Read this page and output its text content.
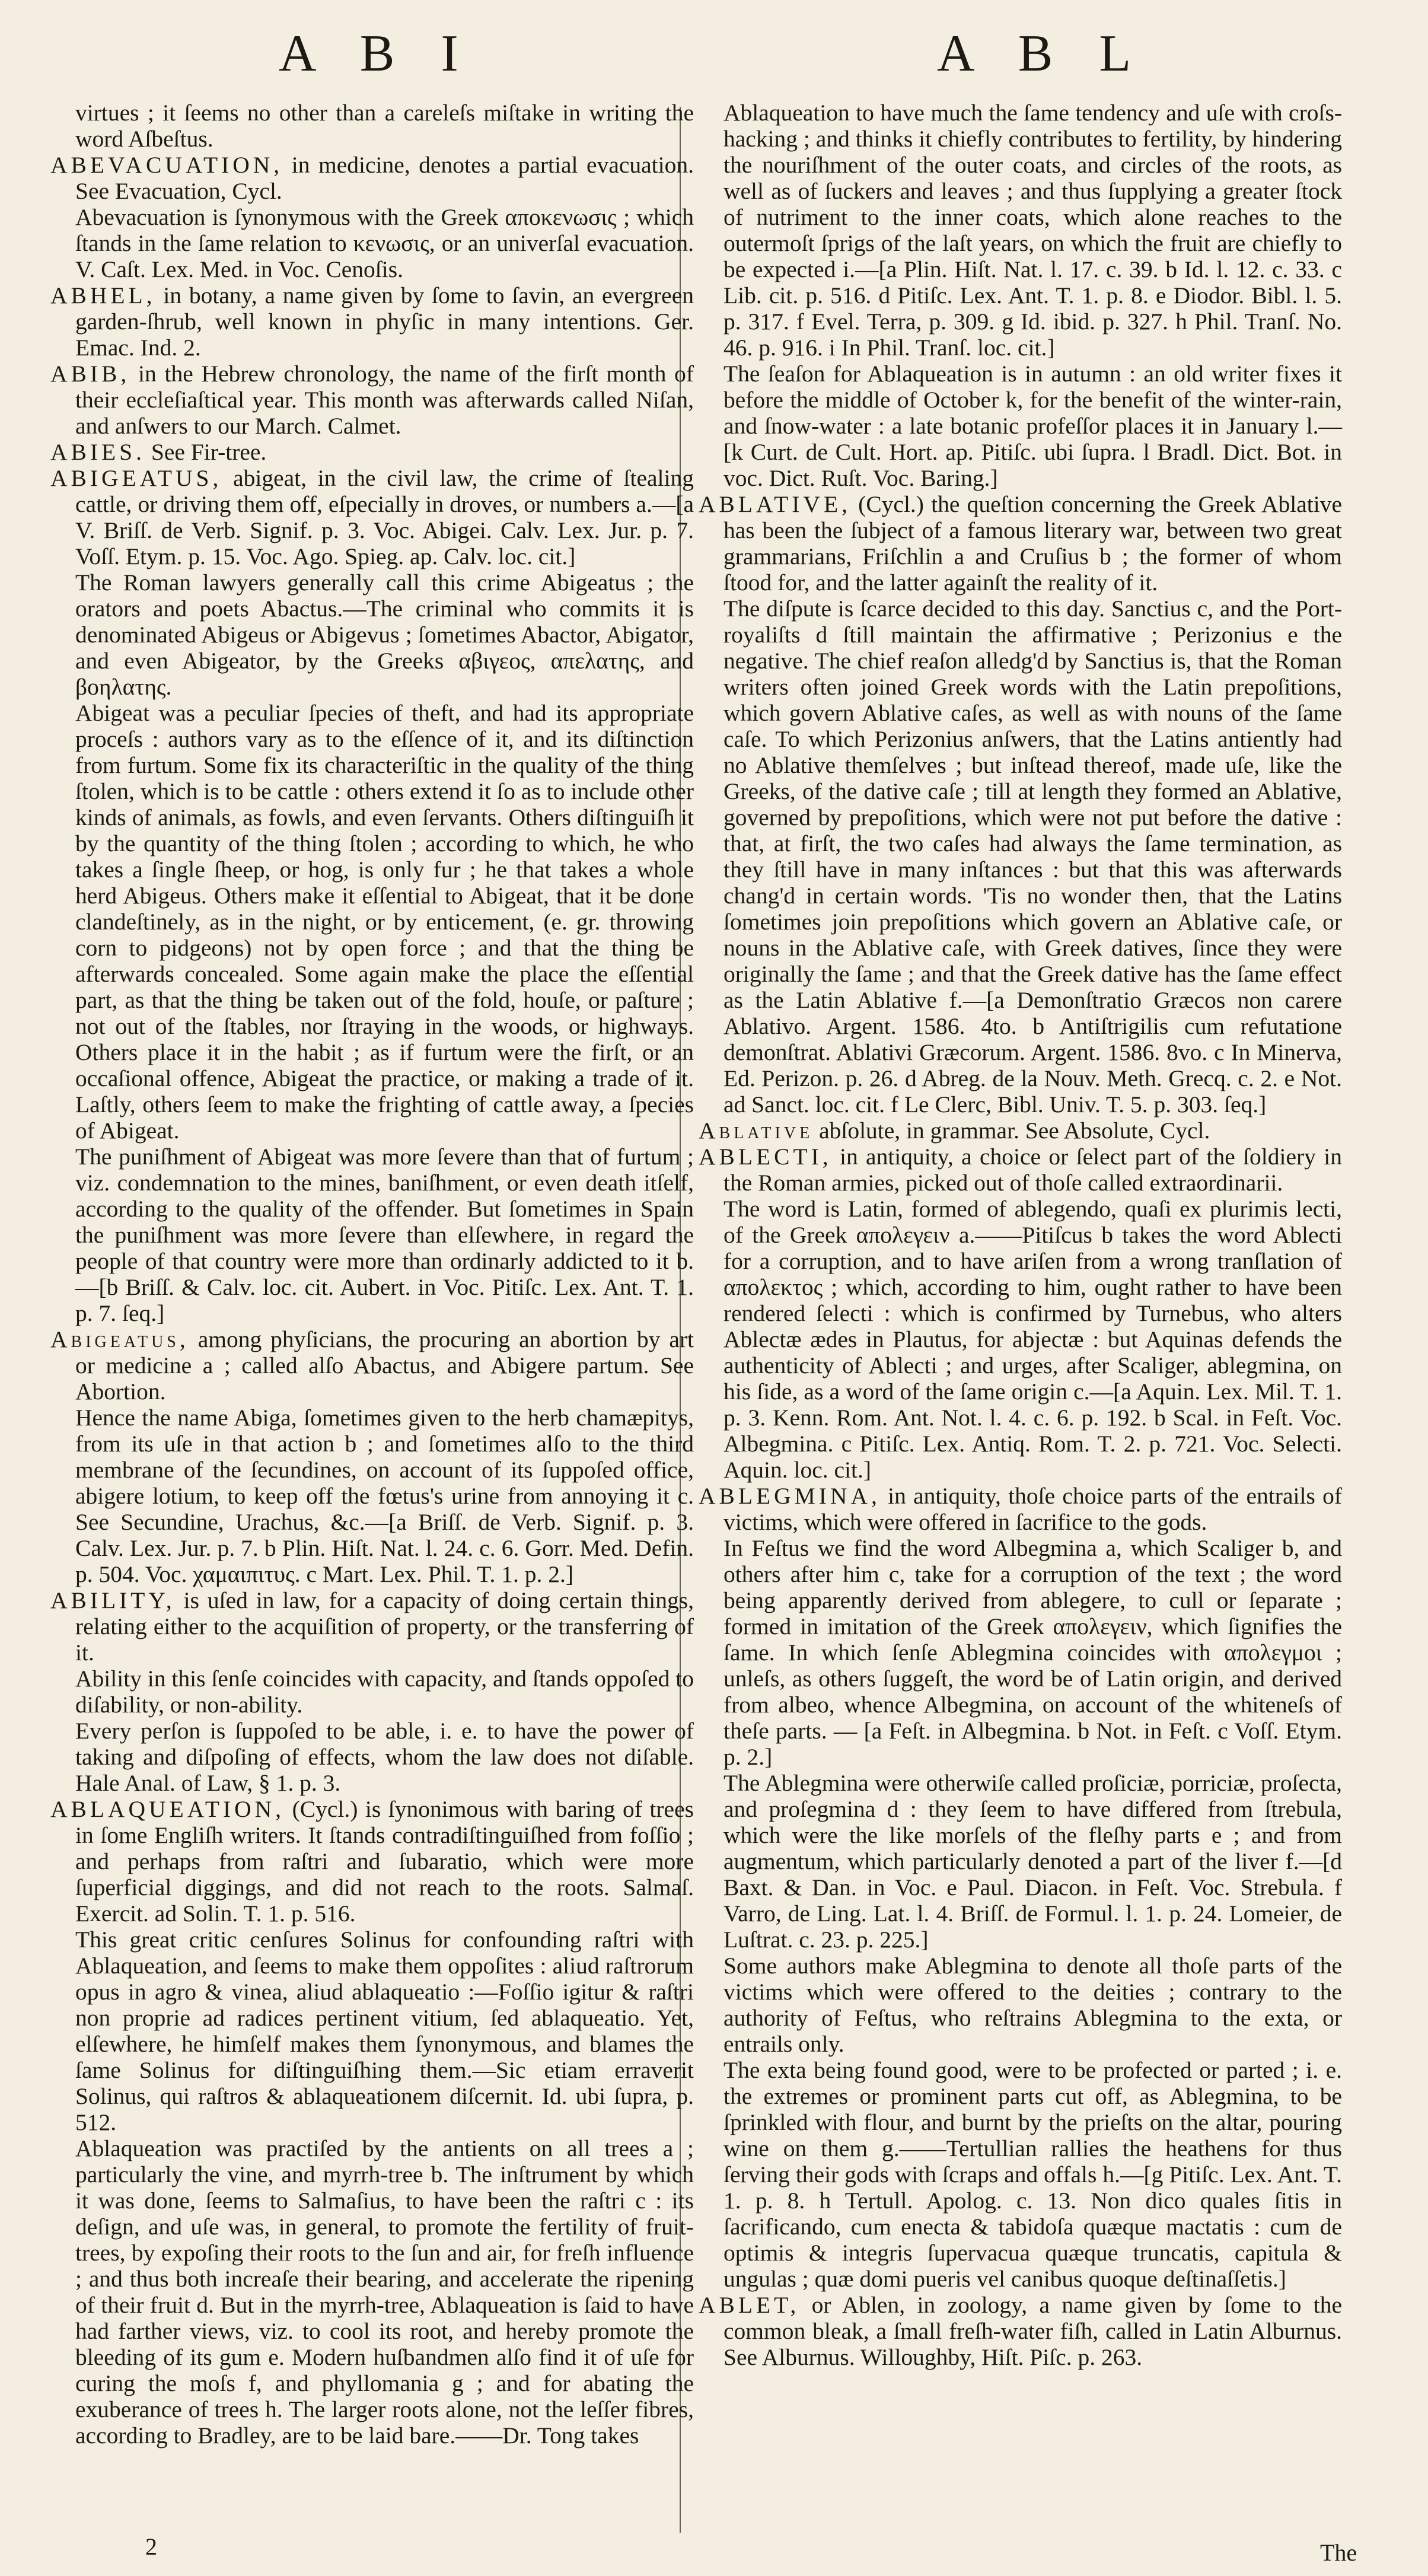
A B I	A B L

virtues ; it ſeems no other than a careleſs miſtake in writing the word Aſbeſtus.

ABEVACUATION, in medicine, denotes a partial evacuation. See Evacuation, Cycl.

Abevacuation is ſynonymous with the Greek αποκενωσις ; which ſtands in the ſame relation to κενωσις, or an univerſal evacuation. V. Caſt. Lex. Med. in Voc. Cenoſis.

ABHEL, in botany, a name given by ſome to ſavin, an evergreen garden-ſhrub, well known in phyſic in many intentions. Ger. Emac. Ind. 2.

ABIB, in the Hebrew chronology, the name of the firſt month of their eccleſiaſtical year. This month was afterwards called Niſan, and anſwers to our March. Calmet.

ABIES. See Fir-tree.

ABIGEATUS, abigeat, in the civil law, the crime of ſtealing cattle, or driving them off, eſpecially in droves, or numbers a.—[a V. Briſſ. de Verb. Signif. p. 3. Voc. Abigei. Calv. Lex. Jur. p. 7. Voſſ. Etym. p. 15. Voc. Ago. Spieg. ap. Calv. loc. cit.]

The Roman lawyers generally call this crime Abigeatus ; the orators and poets Abactus.—The criminal who commits it is denominated Abigeus or Abigevus ; ſometimes Abactor, Abigator, and even Abigeator, by the Greeks αβιγεος, απελατης, and βοηλατης.

Abigeat was a peculiar ſpecies of theft, and had its appropriate proceſs : authors vary as to the eſſence of it, and its diſtinction from furtum. Some fix its characteriſtic in the quality of the thing ſtolen, which is to be cattle : others extend it ſo as to include other kinds of animals, as fowls, and even ſervants. Others diſtinguiſh it by the quantity of the thing ſtolen ; according to which, he who takes a ſingle ſheep, or hog, is only fur ; he that takes a whole herd Abigeus. Others make it eſſential to Abigeat, that it be done clandeſtinely, as in the night, or by enticement, (e. gr. throwing corn to pidgeons) not by open force ; and that the thing be afterwards concealed. Some again make the place the eſſential part, as that the thing be taken out of the fold, houſe, or paſture ; not out of the ſtables, nor ſtraying in the woods, or highways. Others place it in the habit ; as if furtum were the firſt, or an occaſional offence, Abigeat the practice, or making a trade of it. Laſtly, others ſeem to make the frighting of cattle away, a ſpecies of Abigeat.

The puniſhment of Abigeat was more ſevere than that of furtum ; viz. condemnation to the mines, baniſhment, or even death itſelf, according to the quality of the offender. But ſometimes in Spain the puniſhment was more ſevere than elſewhere, in regard the people of that country were more than ordinarly addicted to it b.—[b Briſſ. & Calv. loc. cit. Aubert. in Voc. Pitiſc. Lex. Ant. T. 1. p. 7. ſeq.]

Abigeatus, among phyſicians, the procuring an abortion by art or medicine a ; called alſo Abactus, and Abigere partum. See Abortion.

Hence the name Abiga, ſometimes given to the herb chamæpitys, from its uſe in that action b ; and ſometimes alſo to the third membrane of the ſecundines, on account of its ſuppoſed office, abigere lotium, to keep off the fœtus's urine from annoying it c. See Secundine, Urachus, &c.—[a Briſſ. de Verb. Signif. p. 3. Calv. Lex. Jur. p. 7. b Plin. Hiſt. Nat. l. 24. c. 6. Gorr. Med. Defin. p. 504. Voc. χαμαιπιτυς. c Mart. Lex. Phil. T. 1. p. 2.]

ABILITY, is uſed in law, for a capacity of doing certain things, relating either to the acquiſition of property, or the transferring of it.

Ability in this ſenſe coincides with capacity, and ſtands oppoſed to diſability, or non-ability.

Every perſon is ſuppoſed to be able, i. e. to have the power of taking and diſpoſing of effects, whom the law does not diſable. Hale Anal. of Law, § 1. p. 3.

ABLAQUEATION, (Cycl.) is ſynonimous with baring of trees in ſome Engliſh writers. It ſtands contradiſtinguiſhed from foſſio ; and perhaps from raſtri and ſubaratio, which were more ſuperficial diggings, and did not reach to the roots. Salmaſ. Exercit. ad Solin. T. 1. p. 516.

This great critic cenſures Solinus for confounding raſtri with Ablaqueation, and ſeems to make them oppoſites : aliud raſtrorum opus in agro & vinea, aliud ablaqueatio :—Foſſio igitur & raſtri non proprie ad radices pertinent vitium, ſed ablaqueatio. Yet, elſewhere, he himſelf makes them ſynonymous, and blames the ſame Solinus for diſtinguiſhing them.—Sic etiam erraverit Solinus, qui raſtros & ablaqueationem diſcernit. Id. ubi ſupra, p. 512.

Ablaqueation was practiſed by the antients on all trees a ; particularly the vine, and myrrh-tree b. The inſtrument by which it was done, ſeems to Salmaſius, to have been the raſtri c : its deſign, and uſe was, in general, to promote the fertility of fruit-trees, by expoſing their roots to the ſun and air, for freſh influence ; and thus both increaſe their bearing, and accelerate the ripening of their fruit d. But in the myrrh-tree, Ablaqueation is ſaid to have had farther views, viz. to cool its root, and hereby promote the bleeding of its gum e. Modern huſbandmen alſo find it of uſe for curing the moſs f, and phyllomania g ; and for abating the exuberance of trees h. The larger roots alone, not the leſſer fibres, according to Bradley, are to be laid bare.——Dr. Tong takes

Ablaqueation to have much the ſame tendency and uſe with croſs-hacking ; and thinks it chiefly contributes to fertility, by hindering the nouriſhment of the outer coats, and circles of the roots, as well as of ſuckers and leaves ; and thus ſupplying a greater ſtock of nutriment to the inner coats, which alone reaches to the outermoſt ſprigs of the laſt years, on which the fruit are chiefly to be expected i.—[a Plin. Hiſt. Nat. l. 17. c. 39. b Id. l. 12. c. 33. c Lib. cit. p. 516. d Pitiſc. Lex. Ant. T. 1. p. 8. e Diodor. Bibl. l. 5. p. 317. f Evel. Terra, p. 309. g Id. ibid. p. 327. h Phil. Tranſ. No. 46. p. 916. i In Phil. Tranſ. loc. cit.]

The ſeaſon for Ablaqueation is in autumn : an old writer fixes it before the middle of October k, for the benefit of the winter-rain, and ſnow-water : a late botanic profeſſor places it in January l.—[k Curt. de Cult. Hort. ap. Pitiſc. ubi ſupra. l Bradl. Dict. Bot. in voc. Dict. Ruſt. Voc. Baring.]

ABLATIVE, (Cycl.) the queſtion concerning the Greek Ablative has been the ſubject of a famous literary war, between two great grammarians, Friſchlin a and Cruſius b ; the former of whom ſtood for, and the latter againſt the reality of it.

The diſpute is ſcarce decided to this day. Sanctius c, and the Port-royaliſts d ſtill maintain the affirmative ; Perizonius e the negative. The chief reaſon alledg'd by Sanctius is, that the Roman writers often joined Greek words with the Latin prepoſitions, which govern Ablative caſes, as well as with nouns of the ſame caſe. To which Perizonius anſwers, that the Latins antiently had no Ablative themſelves ; but inſtead thereof, made uſe, like the Greeks, of the dative caſe ; till at length they formed an Ablative, governed by prepoſitions, which were not put before the dative : that, at firſt, the two caſes had always the ſame termination, as they ſtill have in many inſtances : but that this was afterwards chang'd in certain words. 'Tis no wonder then, that the Latins ſometimes join prepoſitions which govern an Ablative caſe, or nouns in the Ablative caſe, with Greek datives, ſince they were originally the ſame ; and that the Greek dative has the ſame effect as the Latin Ablative f.—[a Demonſtratio Græcos non carere Ablativo. Argent. 1586. 4to. b Antiſtrigilis cum refutatione demonſtrat. Ablativi Græcorum. Argent. 1586. 8vo. c In Minerva, Ed. Perizon. p. 26. d Abreg. de la Nouv. Meth. Grecq. c. 2. e Not. ad Sanct. loc. cit. f Le Clerc, Bibl. Univ. T. 5. p. 303. ſeq.]

Ablative abſolute, in grammar. See Absolute, Cycl.

ABLECTI, in antiquity, a choice or ſelect part of the ſoldiery in the Roman armies, picked out of thoſe called extraordinarii.

The word is Latin, formed of ablegendo, quaſi ex plurimis lecti, of the Greek απολεγειν a.——Pitiſcus b takes the word Ablecti for a corruption, and to have ariſen from a wrong tranſlation of απολεκτος ; which, according to him, ought rather to have been rendered ſelecti : which is confirmed by Turnebus, who alters Ablectæ ædes in Plautus, for abjectæ : but Aquinas defends the authenticity of Ablecti ; and urges, after Scaliger, ablegmina, on his ſide, as a word of the ſame origin c.—[a Aquin. Lex. Mil. T. 1. p. 3. Kenn. Rom. Ant. Not. l. 4. c. 6. p. 192. b Scal. in Feſt. Voc. Albegmina. c Pitiſc. Lex. Antiq. Rom. T. 2. p. 721. Voc. Selecti. Aquin. loc. cit.]

ABLEGMINA, in antiquity, thoſe choice parts of the entrails of victims, which were offered in ſacrifice to the gods.

In Feſtus we find the word Albegmina a, which Scaliger b, and others after him c, take for a corruption of the text ; the word being apparently derived from ablegere, to cull or ſeparate ; formed in imitation of the Greek απολεγειν, which ſignifies the ſame. In which ſenſe Ablegmina coincides with απολεγμοι ; unleſs, as others ſuggeſt, the word be of Latin origin, and derived from albeo, whence Albegmina, on account of the whiteneſs of theſe parts. — [a Feſt. in Albegmina. b Not. in Feſt. c Voſſ. Etym. p. 2.]

The Ablegmina were otherwiſe called proſiciæ, porriciæ, proſecta, and proſegmina d : they ſeem to have differed from ſtrebula, which were the like morſels of the fleſhy parts e ; and from augmentum, which particularly denoted a part of the liver f.—[d Baxt. & Dan. in Voc. e Paul. Diacon. in Feſt. Voc. Strebula. f Varro, de Ling. Lat. l. 4. Briſſ. de Formul. l. 1. p. 24. Lomeier, de Luſtrat. c. 23. p. 225.]

Some authors make Ablegmina to denote all thoſe parts of the victims which were offered to the deities ; contrary to the authority of Feſtus, who reſtrains Ablegmina to the exta, or entrails only.

The exta being found good, were to be profected or parted ; i. e. the extremes or prominent parts cut off, as Ablegmina, to be ſprinkled with flour, and burnt by the prieſts on the altar, pouring wine on them g.——Tertullian rallies the heathens for thus ſerving their gods with ſcraps and offals h.—[g Pitiſc. Lex. Ant. T. 1. p. 8. h Tertull. Apolog. c. 13. Non dico quales ſitis in ſacrificando, cum enecta & tabidoſa quæque mactatis : cum de optimis & integris ſupervacua quæque truncatis, capitula & ungulas ; quæ domi pueris vel canibus quoque deſtinaſſetis.]

ABLET, or Ablen, in zoology, a name given by ſome to the common bleak, a ſmall freſh-water fiſh, called in Latin Alburnus. See Alburnus. Willoughby, Hiſt. Piſc. p. 263.

2	The
